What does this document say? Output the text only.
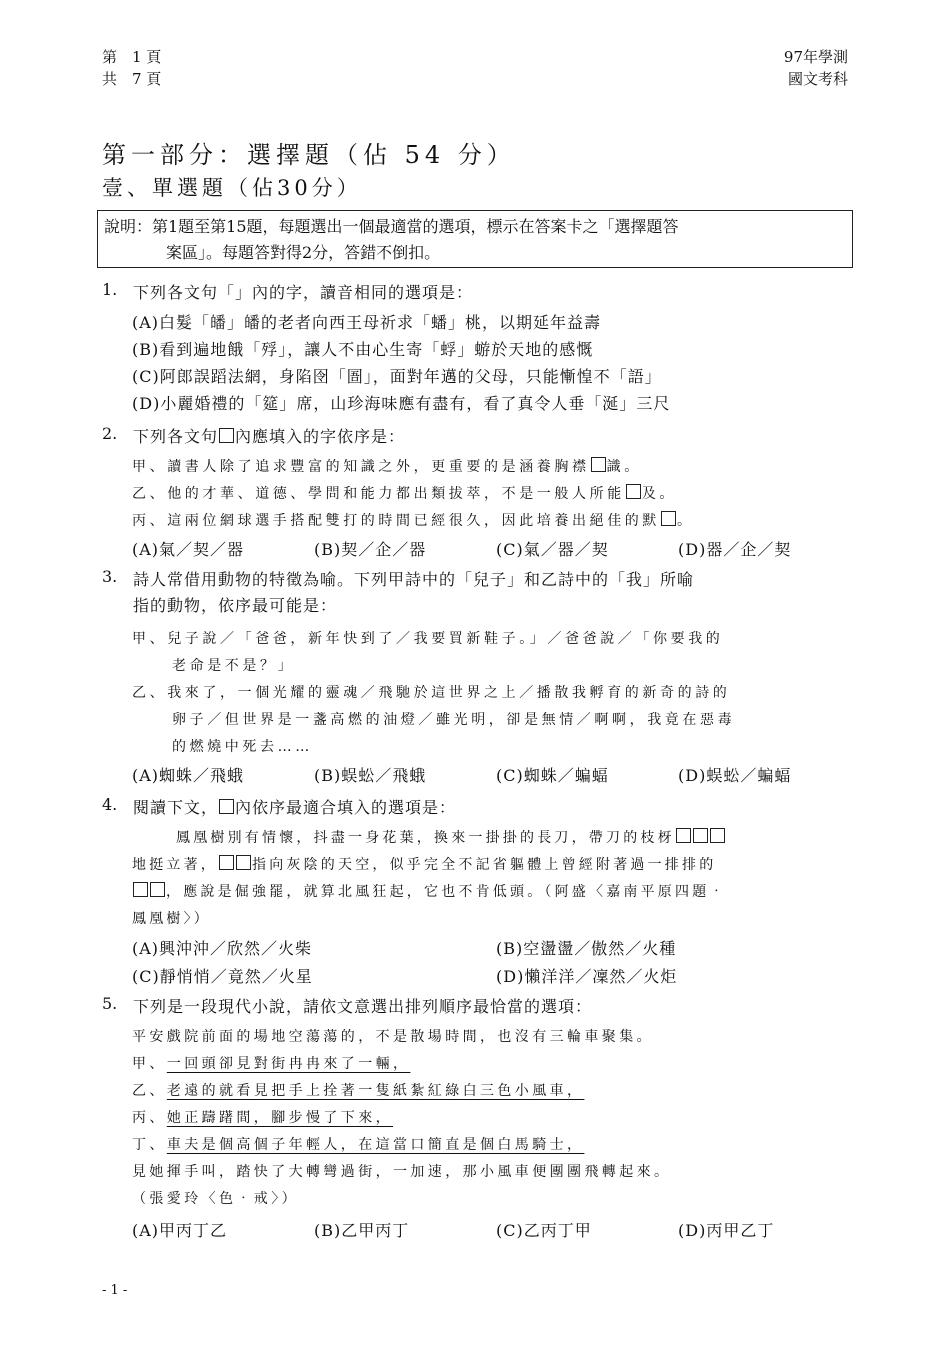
第　1 頁
共　7 頁
97年學測
國文考科
第一部分：選擇題（佔 54 分）
壹、單選題（佔30分）
說明：第1題至第15題，每題選出一個最適當的選項，標示在答案卡之「選擇題答
案區」。每題答對得2分，答錯不倒扣。
1. 下列各文句「」內的字，讀音相同的選項是：
(A)白髮「皤」皤的老者向西王母祈求「蟠」桃，以期延年益壽
(B)看到遍地餓「殍」，讓人不由心生寄「蜉」蝣於天地的感慨
(C)阿郎誤蹈法網，身陷囹「圄」，面對年邁的父母，只能慚惶不「語」
(D)小麗婚禮的「筵」席，山珍海味應有盡有，看了真令人垂「涎」三尺
2. 下列各文句 內應填入的字依序是：
甲、讀書人除了追求豐富的知識之外，更重要的是涵養胸襟 識。
乙、他的才華、道德、學問和能力都出類拔萃，不是一般人所能 及。
丙、這兩位網球選手搭配雙打的時間已經很久，因此培養出絕佳的默 。
(A)氣／契／器	(B)契／企／器	(C)氣／器／契	(D)器／企／契
3. 詩人常借用動物的特徵為喻。下列甲詩中的「兒子」和乙詩中的「我」所喻
指的動物，依序最可能是：
甲、兒子說／「爸爸，新年快到了／我要買新鞋子。」／爸爸說／「你要我的
老命是不是？」
乙、我來了，一個光耀的靈魂／飛馳於這世界之上／播散我孵育的新奇的詩的
卵子／但世界是一盞高燃的油燈／雖光明，卻是無情／啊啊，我竟在惡毒
的燃燒中死去……
(A)蜘蛛／飛蛾	(B)蜈蚣／飛蛾	(C)蜘蛛／蝙蝠	(D)蜈蚣／蝙蝠
4. 閱讀下文， 內依序最適合填入的選項是：
鳳凰樹別有情懷，抖盡一身花葉，換來一掛掛的長刀，帶刀的枝枒
地挺立著， 指向灰陰的天空，似乎完全不記省軀體上曾經附著過一排排的
，應說是倔強罷，就算北風狂起，它也不肯低頭。（阿盛〈嘉南平原四題‧
鳳凰樹〉）
(A)興沖沖／欣然／火柴	(B)空盪盪／傲然／火種
(C)靜悄悄／竟然／火星	(D)懶洋洋／凜然／火炬
5. 下列是一段現代小說，請依文意選出排列順序最恰當的選項：
平安戲院前面的場地空蕩蕩的，不是散場時間，也沒有三輪車聚集。
甲、一回頭卻見對街冉冉來了一輛，
乙、老遠的就看見把手上拴著一隻紙紮紅綠白三色小風車，
丙、她正躊躇間，腳步慢了下來，
丁、車夫是個高個子年輕人，在這當口簡直是個白馬騎士，
見她揮手叫，踏快了大轉彎過街，一加速，那小風車便團團飛轉起來。
（張愛玲〈色‧戒〉）
(A)甲丙丁乙	(B)乙甲丙丁	(C)乙丙丁甲	(D)丙甲乙丁
- 1 -
